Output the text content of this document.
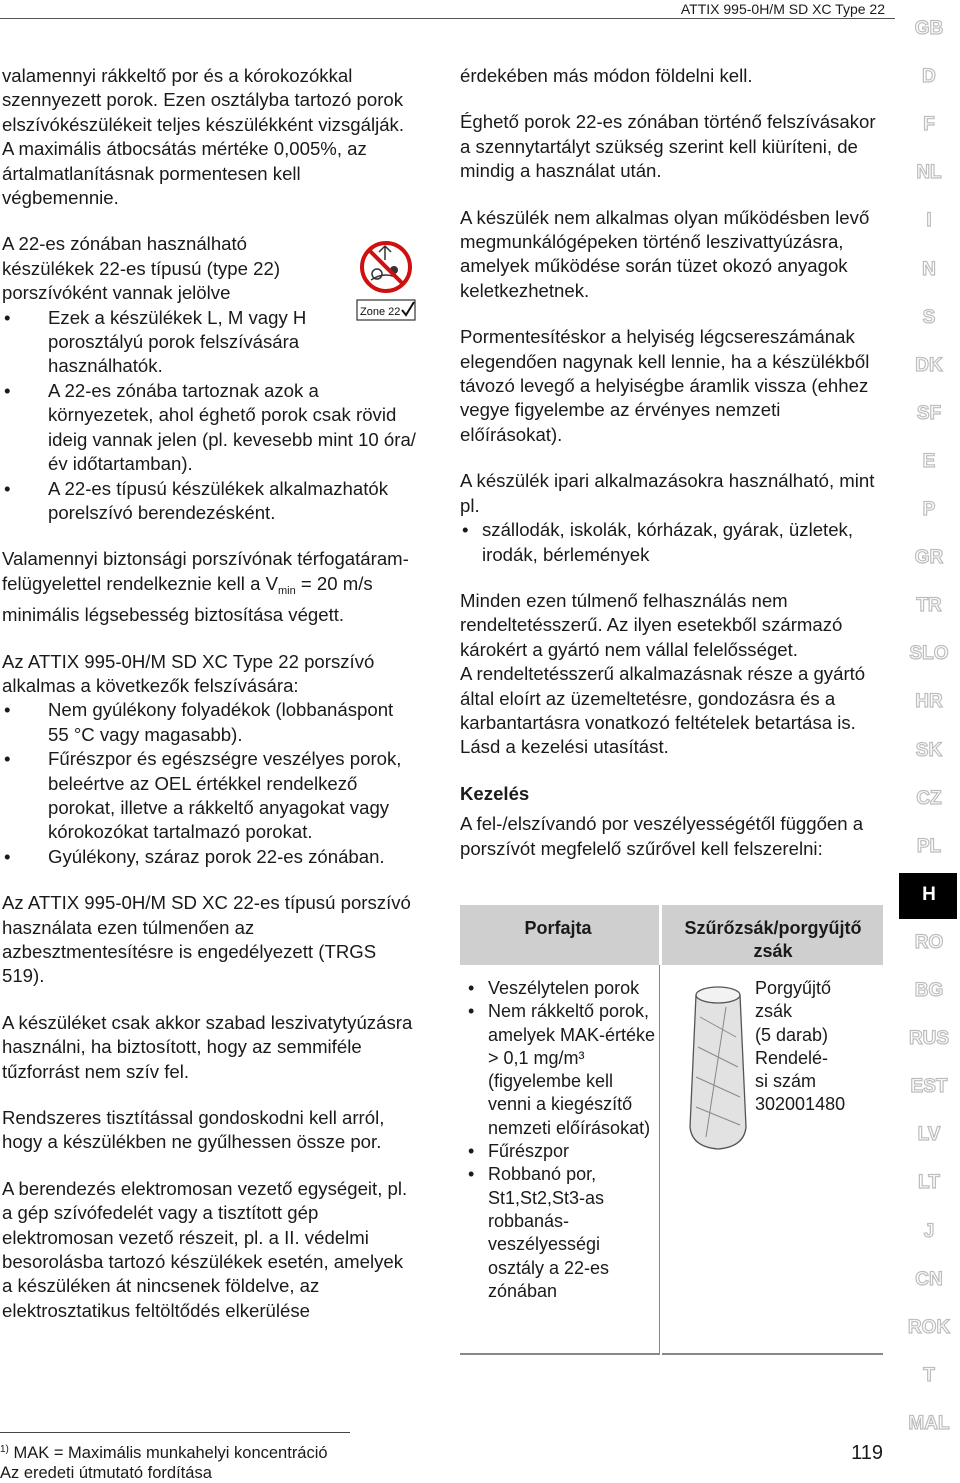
ATTIX 995-0H/M SD XC Type 22

valamennyi rákkeltő por és a kórokozókkal szennyezett porok. Ezen osztályba tartozó porok elszívókészülékeit teljes készülékként vizsgálják. A maximális átbocsátás mértéke 0,005%, az ártalmatlanításnak pormentesen kell végbemennie.

A 22-es zónában használható készülékek 22-es típusú (type 22) porszívóként vannak jelölve

• Ezek a készülékek L, M vagy H porosztályú porok felszívására használhatók.
• A 22-es zónába tartoznak azok a környezetek, ahol éghető porok csak rövid ideig vannak jelen (pl. kevesebb mint 10 óra/év időtartamban).
• A 22-es típusú készülékek alkalmazhatók porelszívó berendezésként.

Valamennyi biztonsági porszívónak térfogatáram-felügyelettel rendelkeznie kell a $V_{min} = 20$ m/s minimális légsebesség biztosítása végett.

Az ATTIX 995-0H/M SD XC Type 22 porszívó alkalmas a következők felszívására:

• Nem gyúlékony folyadékok (lobbanáspont 55 °C vagy magasabb).
• Fűrészpor és egészségre veszélyes porok, beleértve az OEL értékkel rendelkező porokat, illetve a rákkeltő anyagokat vagy kórokozókat tartalmazó porokat.
• Gyúlékony, száraz porok 22-es zónában.

Az ATTIX 995-0H/M SD XC 22-es típusú porszívó használata ezen túlmenően az azbesztmentesítésre is engedélyezett (TRGS 519).

A készüléket csak akkor szabad leszivatytyúzásra használni, ha biztosított, hogy az semmiféle tűzforrást nem szív fel.

Rendszeres tisztítással gondoskodni kell arról, hogy a készülékben ne gyűlhessen össze por.

A berendezés elektromosan vezető egységeit, pl. a gép szívófedelét vagy a tisztított gép elektromosan vezető részeit, pl. a II. védelmi besorolásba tartozó készülékek esetén, amelyek a készüléken át nincsenek földelve, az elektrosztatikus feltöltődés elkerülése

Zone 22

érdekében más módon földelni kell.

Éghető porok 22-es zónában történő felszívásakor a szennytartályt szükség szerint kell kiüríteni, de mindig a használat után.

A készülék nem alkalmas olyan működésben levő megmunkálógépeken történő leszivattyúzásra, amelyek működése során tüzet okozó anyagok keletkezhetnek.

Pormentesítéskor a helyiség légcsereszámának elegendően nagynak kell lennie, ha a készülékből távozó levegő a helyiségbe áramlik vissza (ehhez vegye figyelembe az érvényes nemzeti előírásokat).

A készülék ipari alkalmazásokra használható, mint pl.

• szállodák, iskolák, kórházak, gyárak, üzletek, irodák, bérlemények

Minden ezen túlmenő felhasználás nem rendeltetésszerű. Az ilyen esetekből származó károkért a gyártó nem vállal felelősséget.

A rendeltetésszerű alkalmazásnak része a gyártó által eloírt az üzemeltetésre, gondozásra és a karbantartásra vonatkozó feltételek betartása is. Lásd a kezelési utasítást.

Kezelés

A fel-/elszívandó por veszélyességétől függően a porszívót megfelelő szűrővel kell felszerelni:

Porfajta	Szűrőzsák/porgyűjtő zsák
• Veszélytelen porok
• Nem rákkeltő porok, amelyek MAK-értéke > 0,1 mg/m³ (figyelembe kell venni a kiegészítő nemzeti előírásokat)
• Fűrészpor
• Robbanó por, St1,St2,St3-as robbanás-veszélyességi osztály a 22-es zónában
Porgyűjtő
zsák
(5 darab)
Rendelé-
si szám
302001480
$^{1)}$ MAK = Maximális munkahelyi koncentráció
Az eredeti útmutató fordítása
119
GB
D
F
NL
I
N
S
DK
SF
E
P
GR
TR
SLO
HR
SK
CZ
PL
H
RO
BG
RUS
EST
LV
LT
J
CN
ROK
T
MAL
